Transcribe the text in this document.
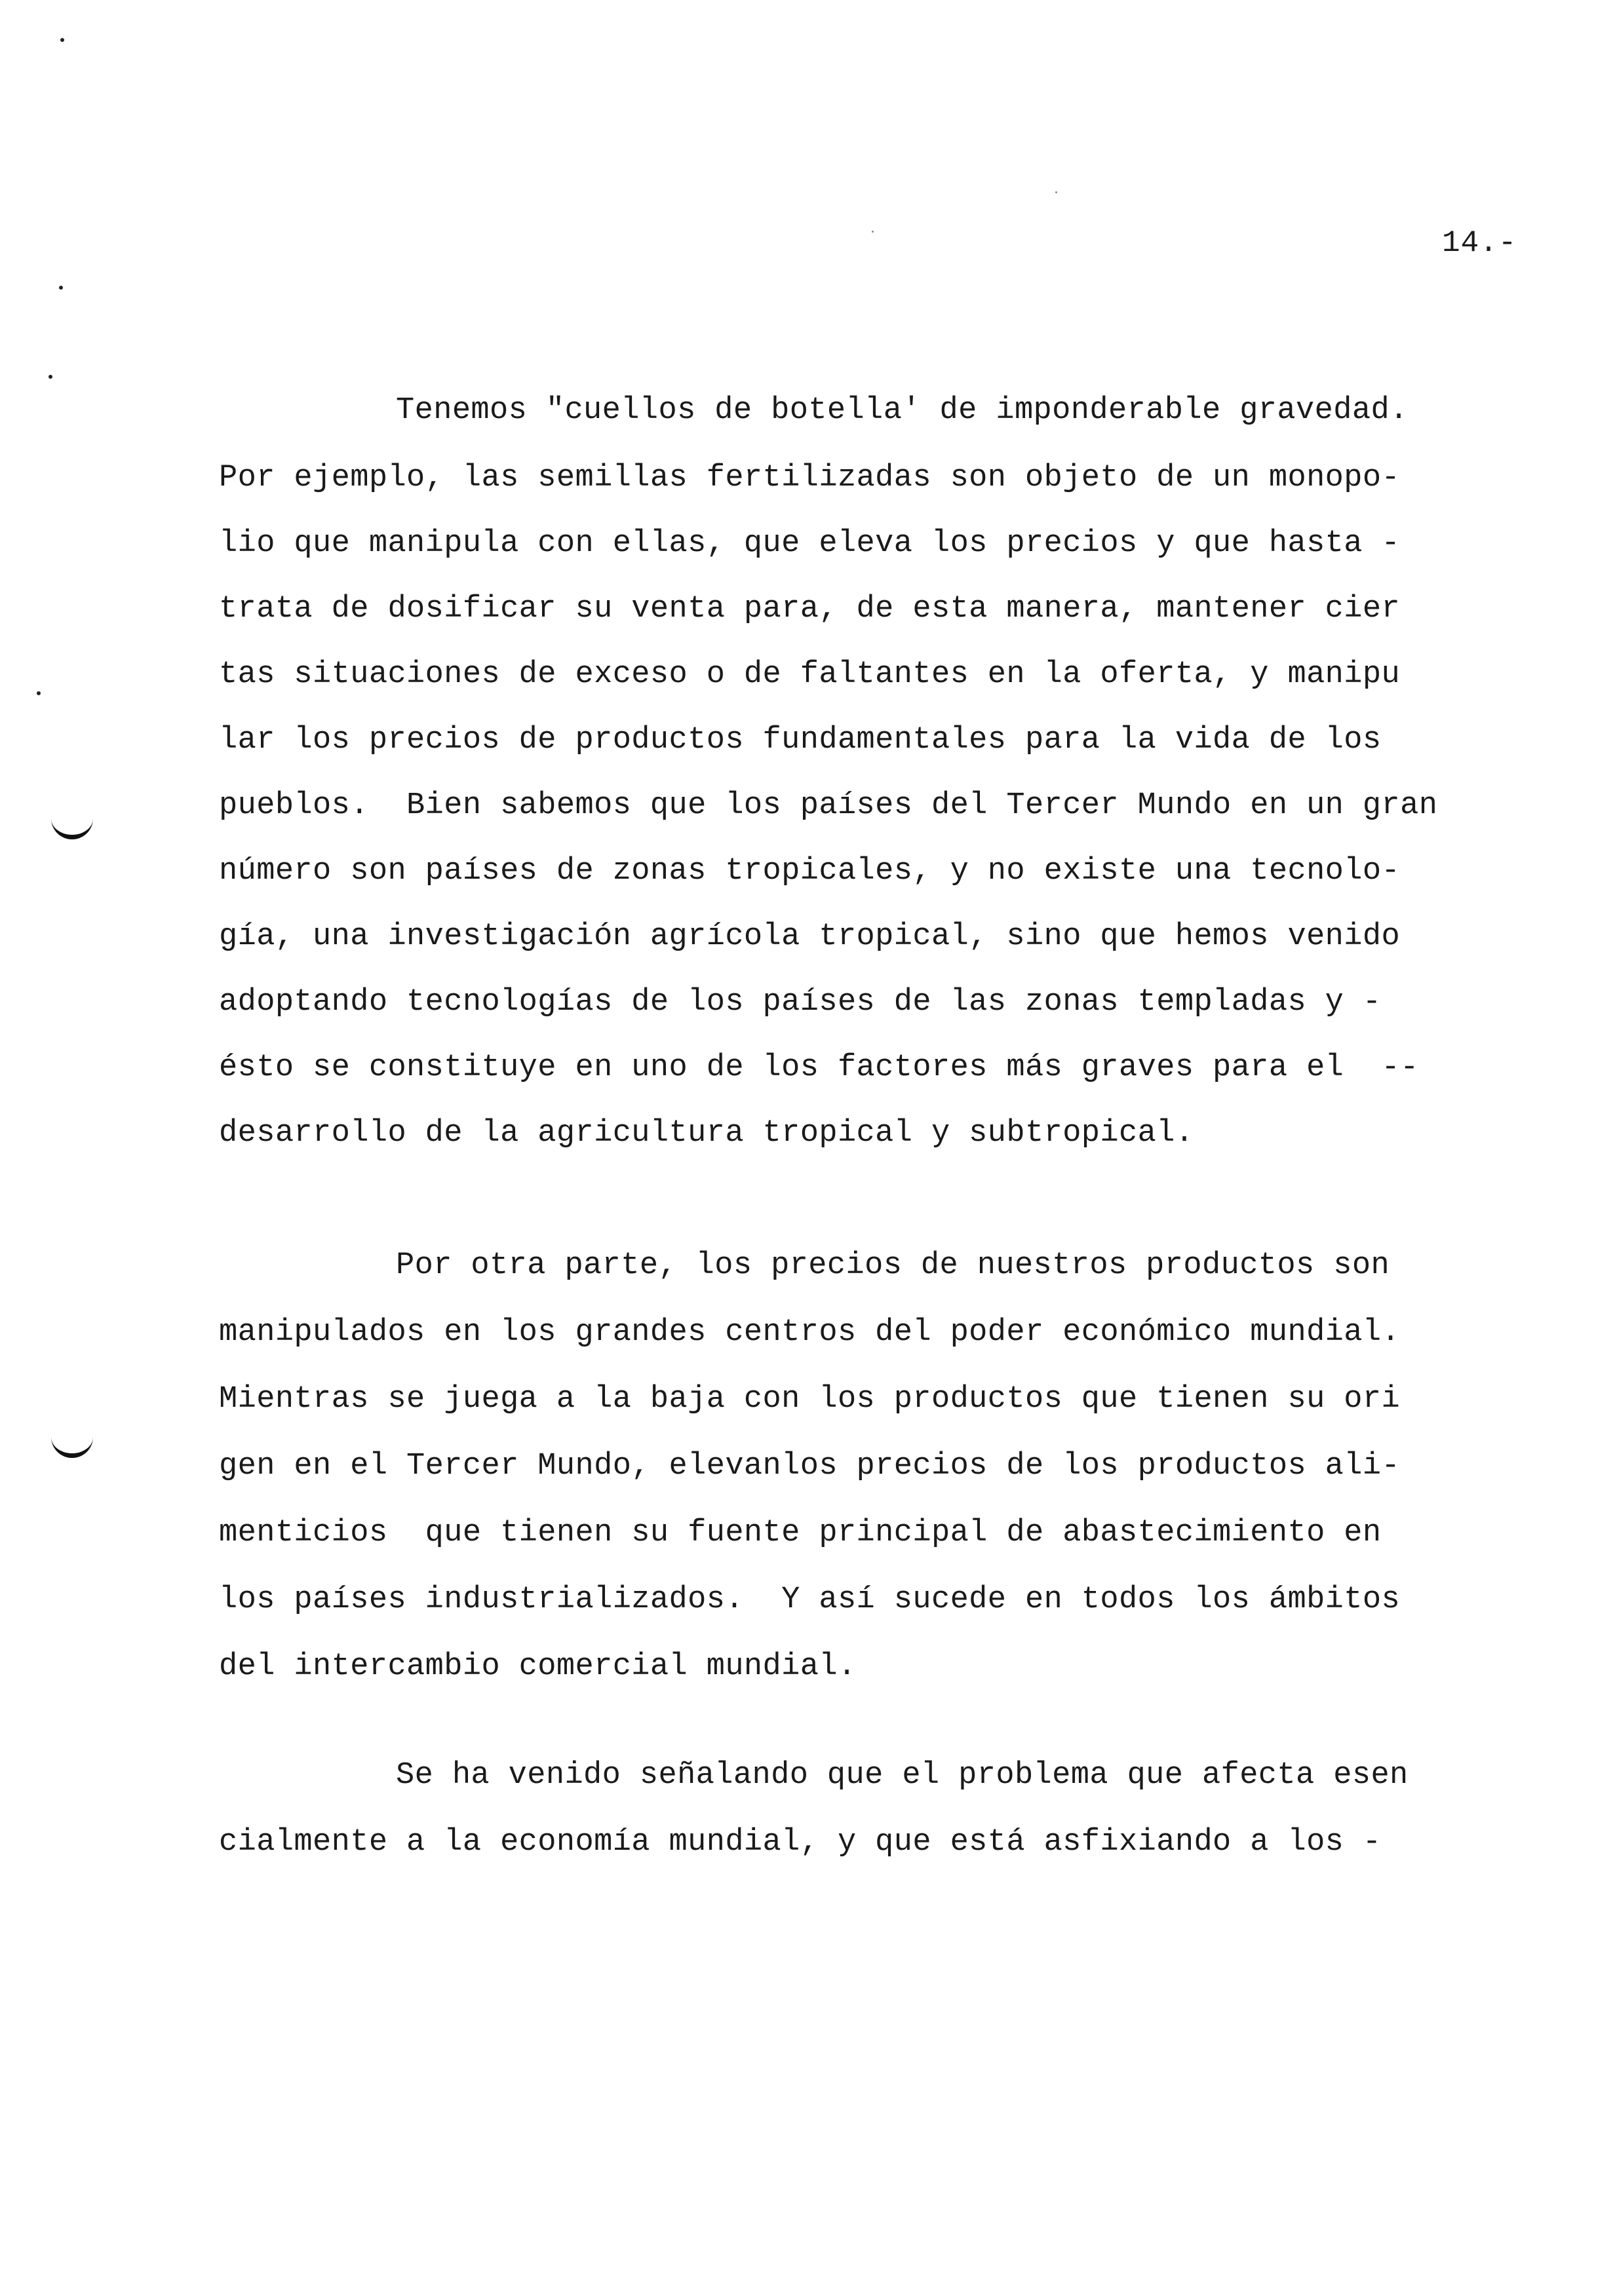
14.-
Tenemos "cuellos de botella' de imponderable gravedad.
Por ejemplo, las semillas fertilizadas son objeto de un monopo-
lio que manipula con ellas, que eleva los precios y que hasta -
trata de dosificar su venta para, de esta manera, mantener cier
tas situaciones de exceso o de faltantes en la oferta, y manipu
lar los precios de productos fundamentales para la vida de los
pueblos.  Bien sabemos que los países del Tercer Mundo en un gran
número son países de zonas tropicales, y no existe una tecnolo-
gía, una investigación agrícola tropical, sino que hemos venido
adoptando tecnologías de los países de las zonas templadas y -
ésto se constituye en uno de los factores más graves para el  --
desarrollo de la agricultura tropical y subtropical.
Por otra parte, los precios de nuestros productos son
manipulados en los grandes centros del poder económico mundial.
Mientras se juega a la baja con los productos que tienen su ori
gen en el Tercer Mundo, elevanlos precios de los productos ali-
menticios  que tienen su fuente principal de abastecimiento en
los países industrializados.  Y así sucede en todos los ámbitos
del intercambio comercial mundial.
Se ha venido señalando que el problema que afecta esen
cialmente a la economía mundial, y que está asfixiando a los -
